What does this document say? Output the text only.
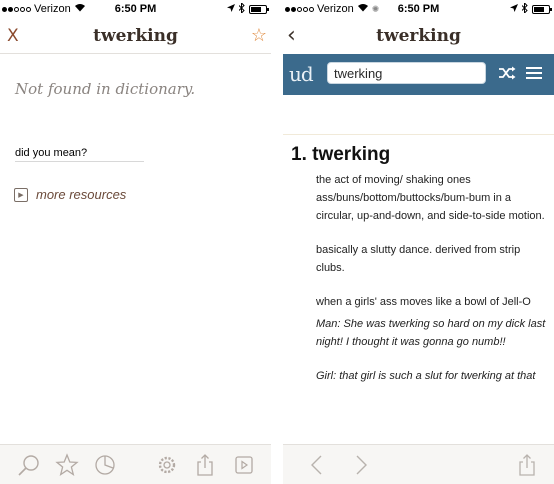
Verizon	6:50 PM
X	twerking	☆
Not found in dictionary.
did you mean?
▶ more resources
Verizon ✺	6:50 PM
‹	twerking
ud
twerking
1. twerking

the act of moving/ shaking ones ass/buns/bottom/buttocks/bum-bum in a circular, up-and-down, and side-to-side motion.

basically a slutty dance. derived from strip clubs.

when a girls' ass moves like a bowl of Jell-O

Man: She was twerking so hard on my dick last night! I thought it was gonna go numb!!

Girl: that girl is such a slut for twerking at that
